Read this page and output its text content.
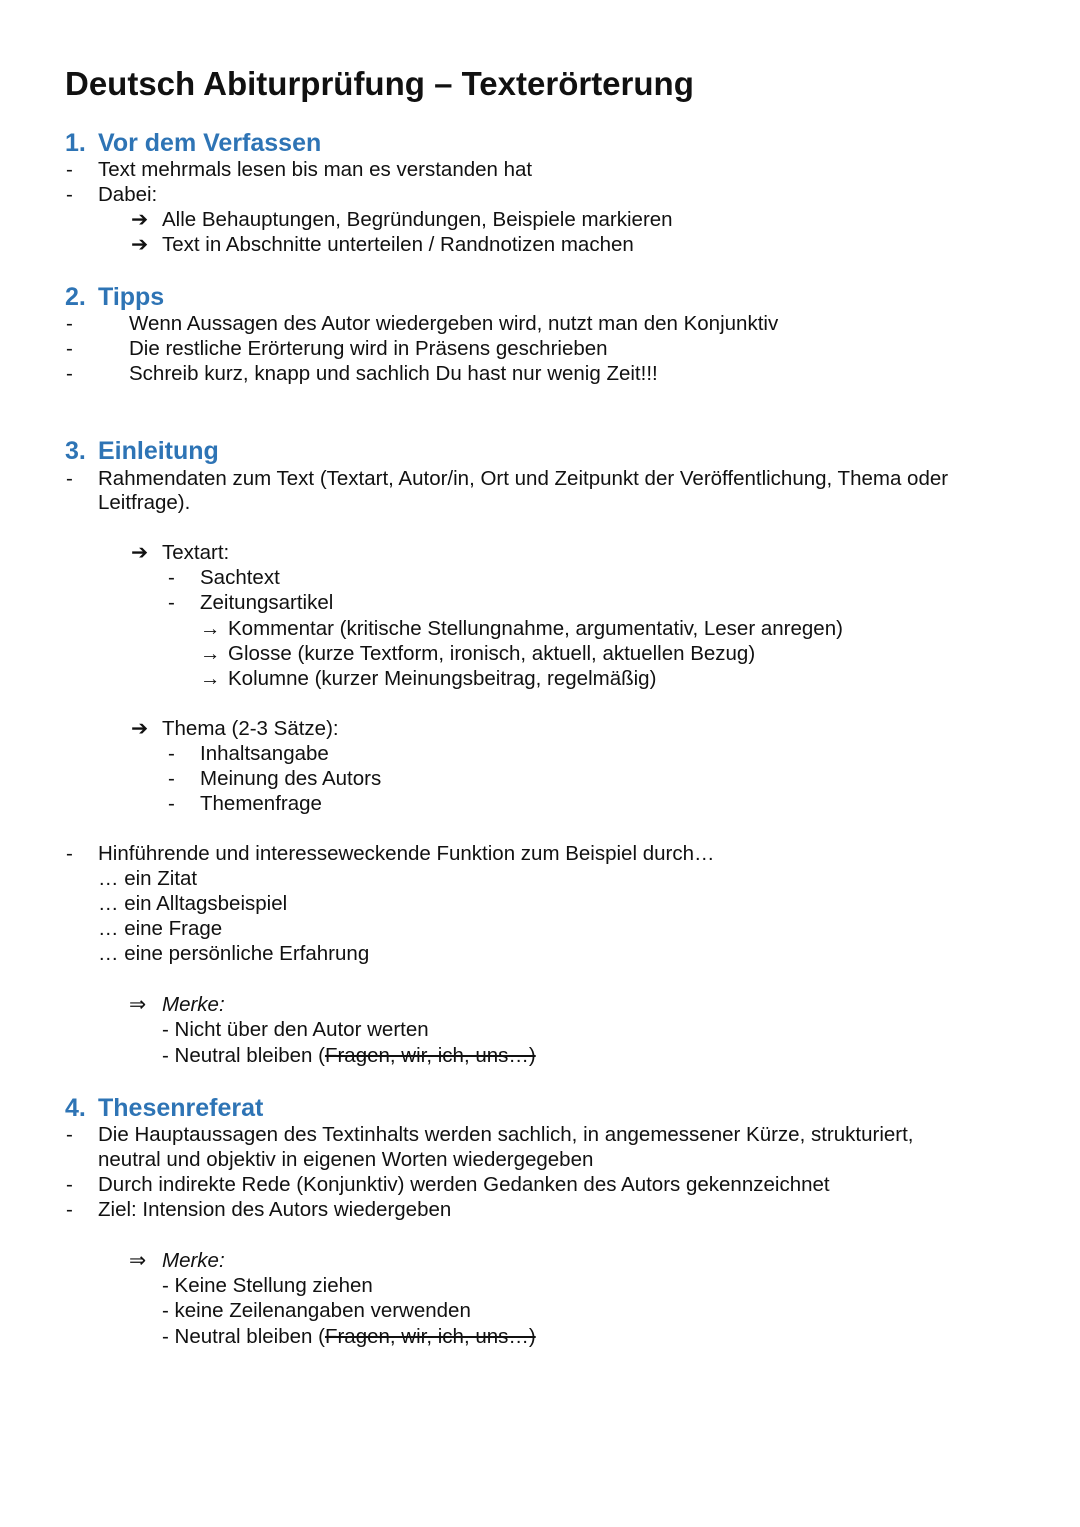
Deutsch Abiturprüfung – Texterörterung
1. Vor dem Verfassen
- Text mehrmals lesen bis man es verstanden hat
- Dabei:
➔ Alle Behauptungen, Begründungen, Beispiele markieren
➔ Text in Abschnitte unterteilen / Randnotizen machen
2. Tipps
-	Wenn Aussagen des Autor wiedergeben wird, nutzt man den Konjunktiv
-	Die restliche Erörterung wird in Präsens geschrieben
-	Schreib kurz, knapp und sachlich Du hast nur wenig Zeit!!!
3. Einleitung
- Rahmendaten zum Text (Textart, Autor/in, Ort und Zeitpunkt der Veröffentlichung, Thema oder
Leitfrage).
➔ Textart:
- Sachtext
- Zeitungsartikel
→ Kommentar (kritische Stellungnahme, argumentativ, Leser anregen)
→ Glosse (kurze Textform, ironisch, aktuell, aktuellen Bezug)
→ Kolumne (kurzer Meinungsbeitrag, regelmäßig)
➔ Thema (2-3 Sätze):
- Inhaltsangabe
- Meinung des Autors
- Themenfrage
- Hinführende und interesseweckende Funktion zum Beispiel durch…
… ein Zitat
… ein Alltagsbeispiel
… eine Frage
… eine persönliche Erfahrung
⇒ Merke:
- Nicht über den Autor werten
- Neutral bleiben (Fragen, wir, ich, uns…)
4. Thesenreferat
- Die Hauptaussagen des Textinhalts werden sachlich, in angemessener Kürze, strukturiert,
neutral und objektiv in eigenen Worten wiedergegeben
- Durch indirekte Rede (Konjunktiv) werden Gedanken des Autors gekennzeichnet
- Ziel: Intension des Autors wiedergeben
⇒ Merke:
- Keine Stellung ziehen
- keine Zeilenangaben verwenden
- Neutral bleiben (Fragen, wir, ich, uns…)
